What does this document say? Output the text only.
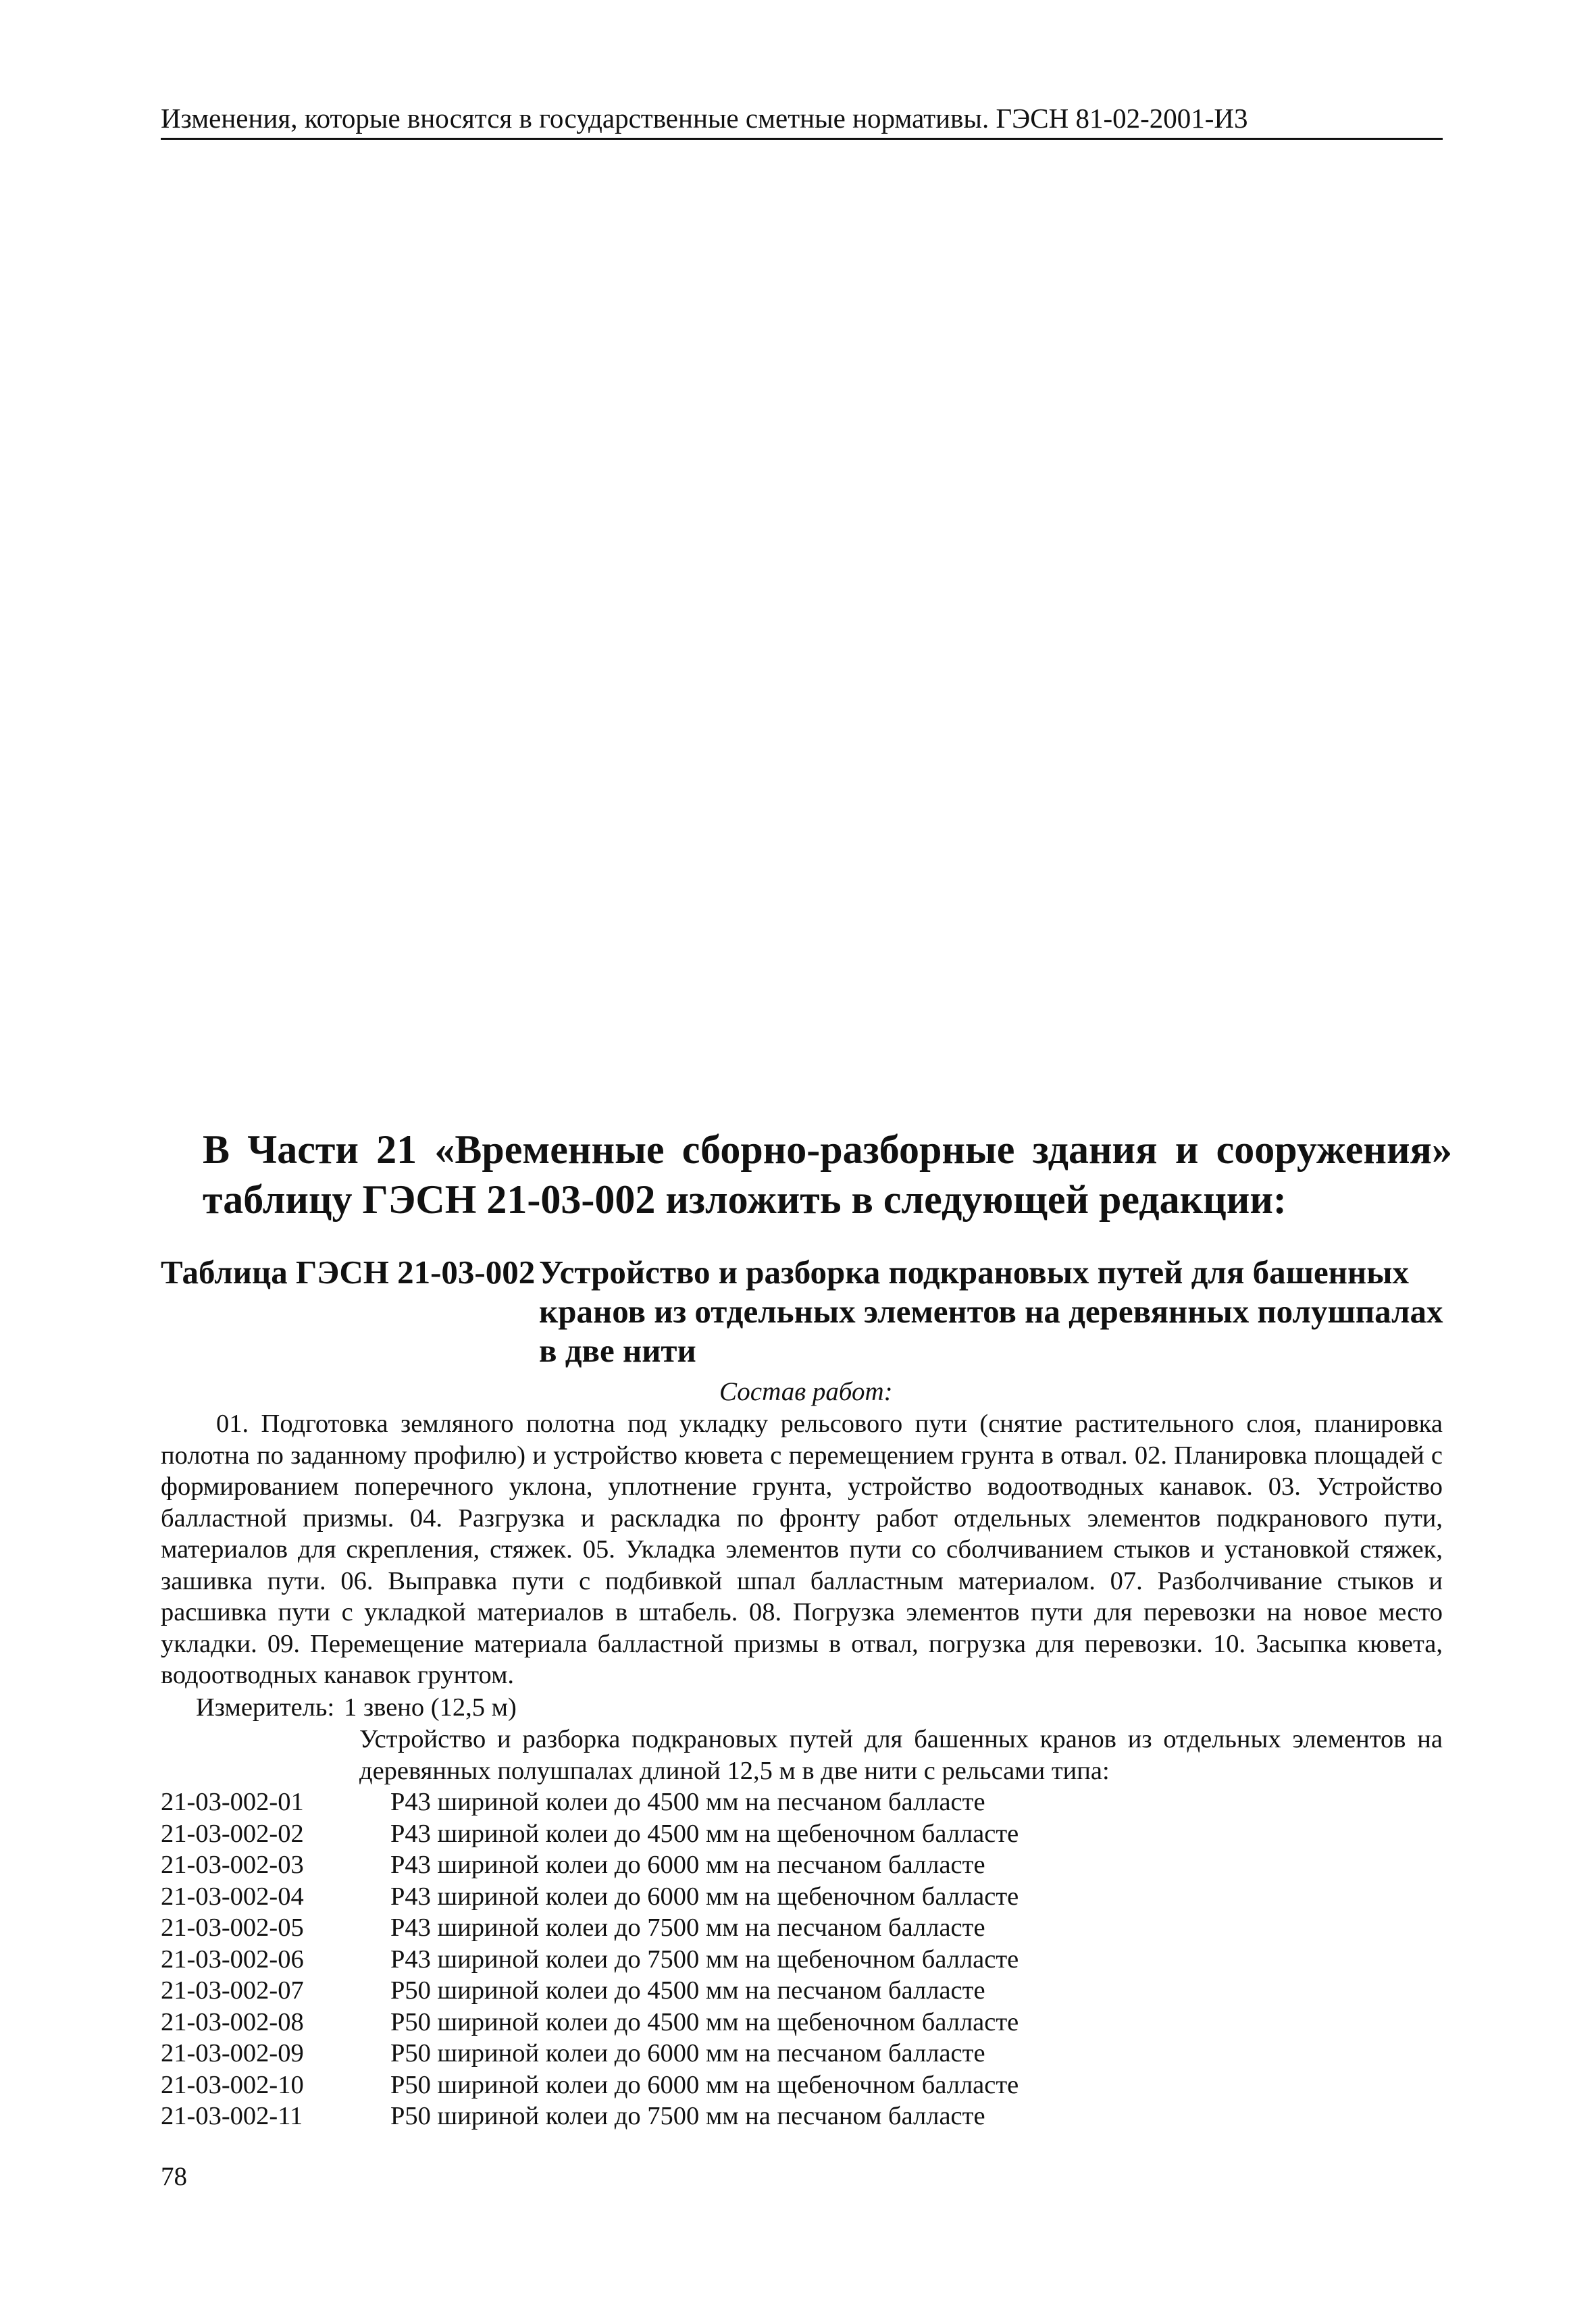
Изменения, которые вносятся в государственные сметные нормативы. ГЭСН 81-02-2001-И3
В Части 21 «Временные сборно-разборные здания и сооружения» таблицу ГЭСН 21-03-002 изложить в следующей редакции:
Таблица ГЭСН 21-03-002 Устройство и разборка подкрановых путей для башенных кранов из отдельных элементов на деревянных полушпалах в две нити
Состав работ:
01. Подготовка земляного полотна под укладку рельсового пути (снятие растительного слоя, планировка полотна по заданному профилю) и устройство кювета с перемещением грунта в отвал. 02. Планировка площадей с формированием поперечного уклона, уплотнение грунта, устройство водоотводных канавок. 03. Устройство балластной призмы. 04. Разгрузка и раскладка по фронту работ отдельных элементов подкранового пути, материалов для скрепления, стяжек. 05. Укладка элементов пути со сболчиванием стыков и установкой стяжек, зашивка пути. 06. Выправка пути с подбивкой шпал балластным материалом. 07. Разболчивание стыков и расшивка пути с укладкой материалов в штабель. 08. Погрузка элементов пути для перевозки на новое место укладки. 09. Перемещение материала балластной призмы в отвал, погрузка для перевозки. 10. Засыпка кювета, водоотводных канавок грунтом.
Измеритель: 1 звено (12,5 м)
Устройство и разборка подкрановых путей для башенных кранов из отдельных элементов на деревянных полушпалах длиной 12,5 м в две нити с рельсами типа:
21-03-002-01	Р43 шириной колеи до 4500 мм на песчаном балласте
21-03-002-02	Р43 шириной колеи до 4500 мм на щебеночном балласте
21-03-002-03	Р43 шириной колеи до 6000 мм на песчаном балласте
21-03-002-04	Р43 шириной колеи до 6000 мм на щебеночном балласте
21-03-002-05	Р43 шириной колеи до 7500 мм на песчаном балласте
21-03-002-06	Р43 шириной колеи до 7500 мм на щебеночном балласте
21-03-002-07	Р50 шириной колеи до 4500 мм на песчаном балласте
21-03-002-08	Р50 шириной колеи до 4500 мм на щебеночном балласте
21-03-002-09	Р50 шириной колеи до 6000 мм на песчаном балласте
21-03-002-10	Р50 шириной колеи до 6000 мм на щебеночном балласте
21-03-002-11	Р50 шириной колеи до 7500 мм на песчаном балласте
78
